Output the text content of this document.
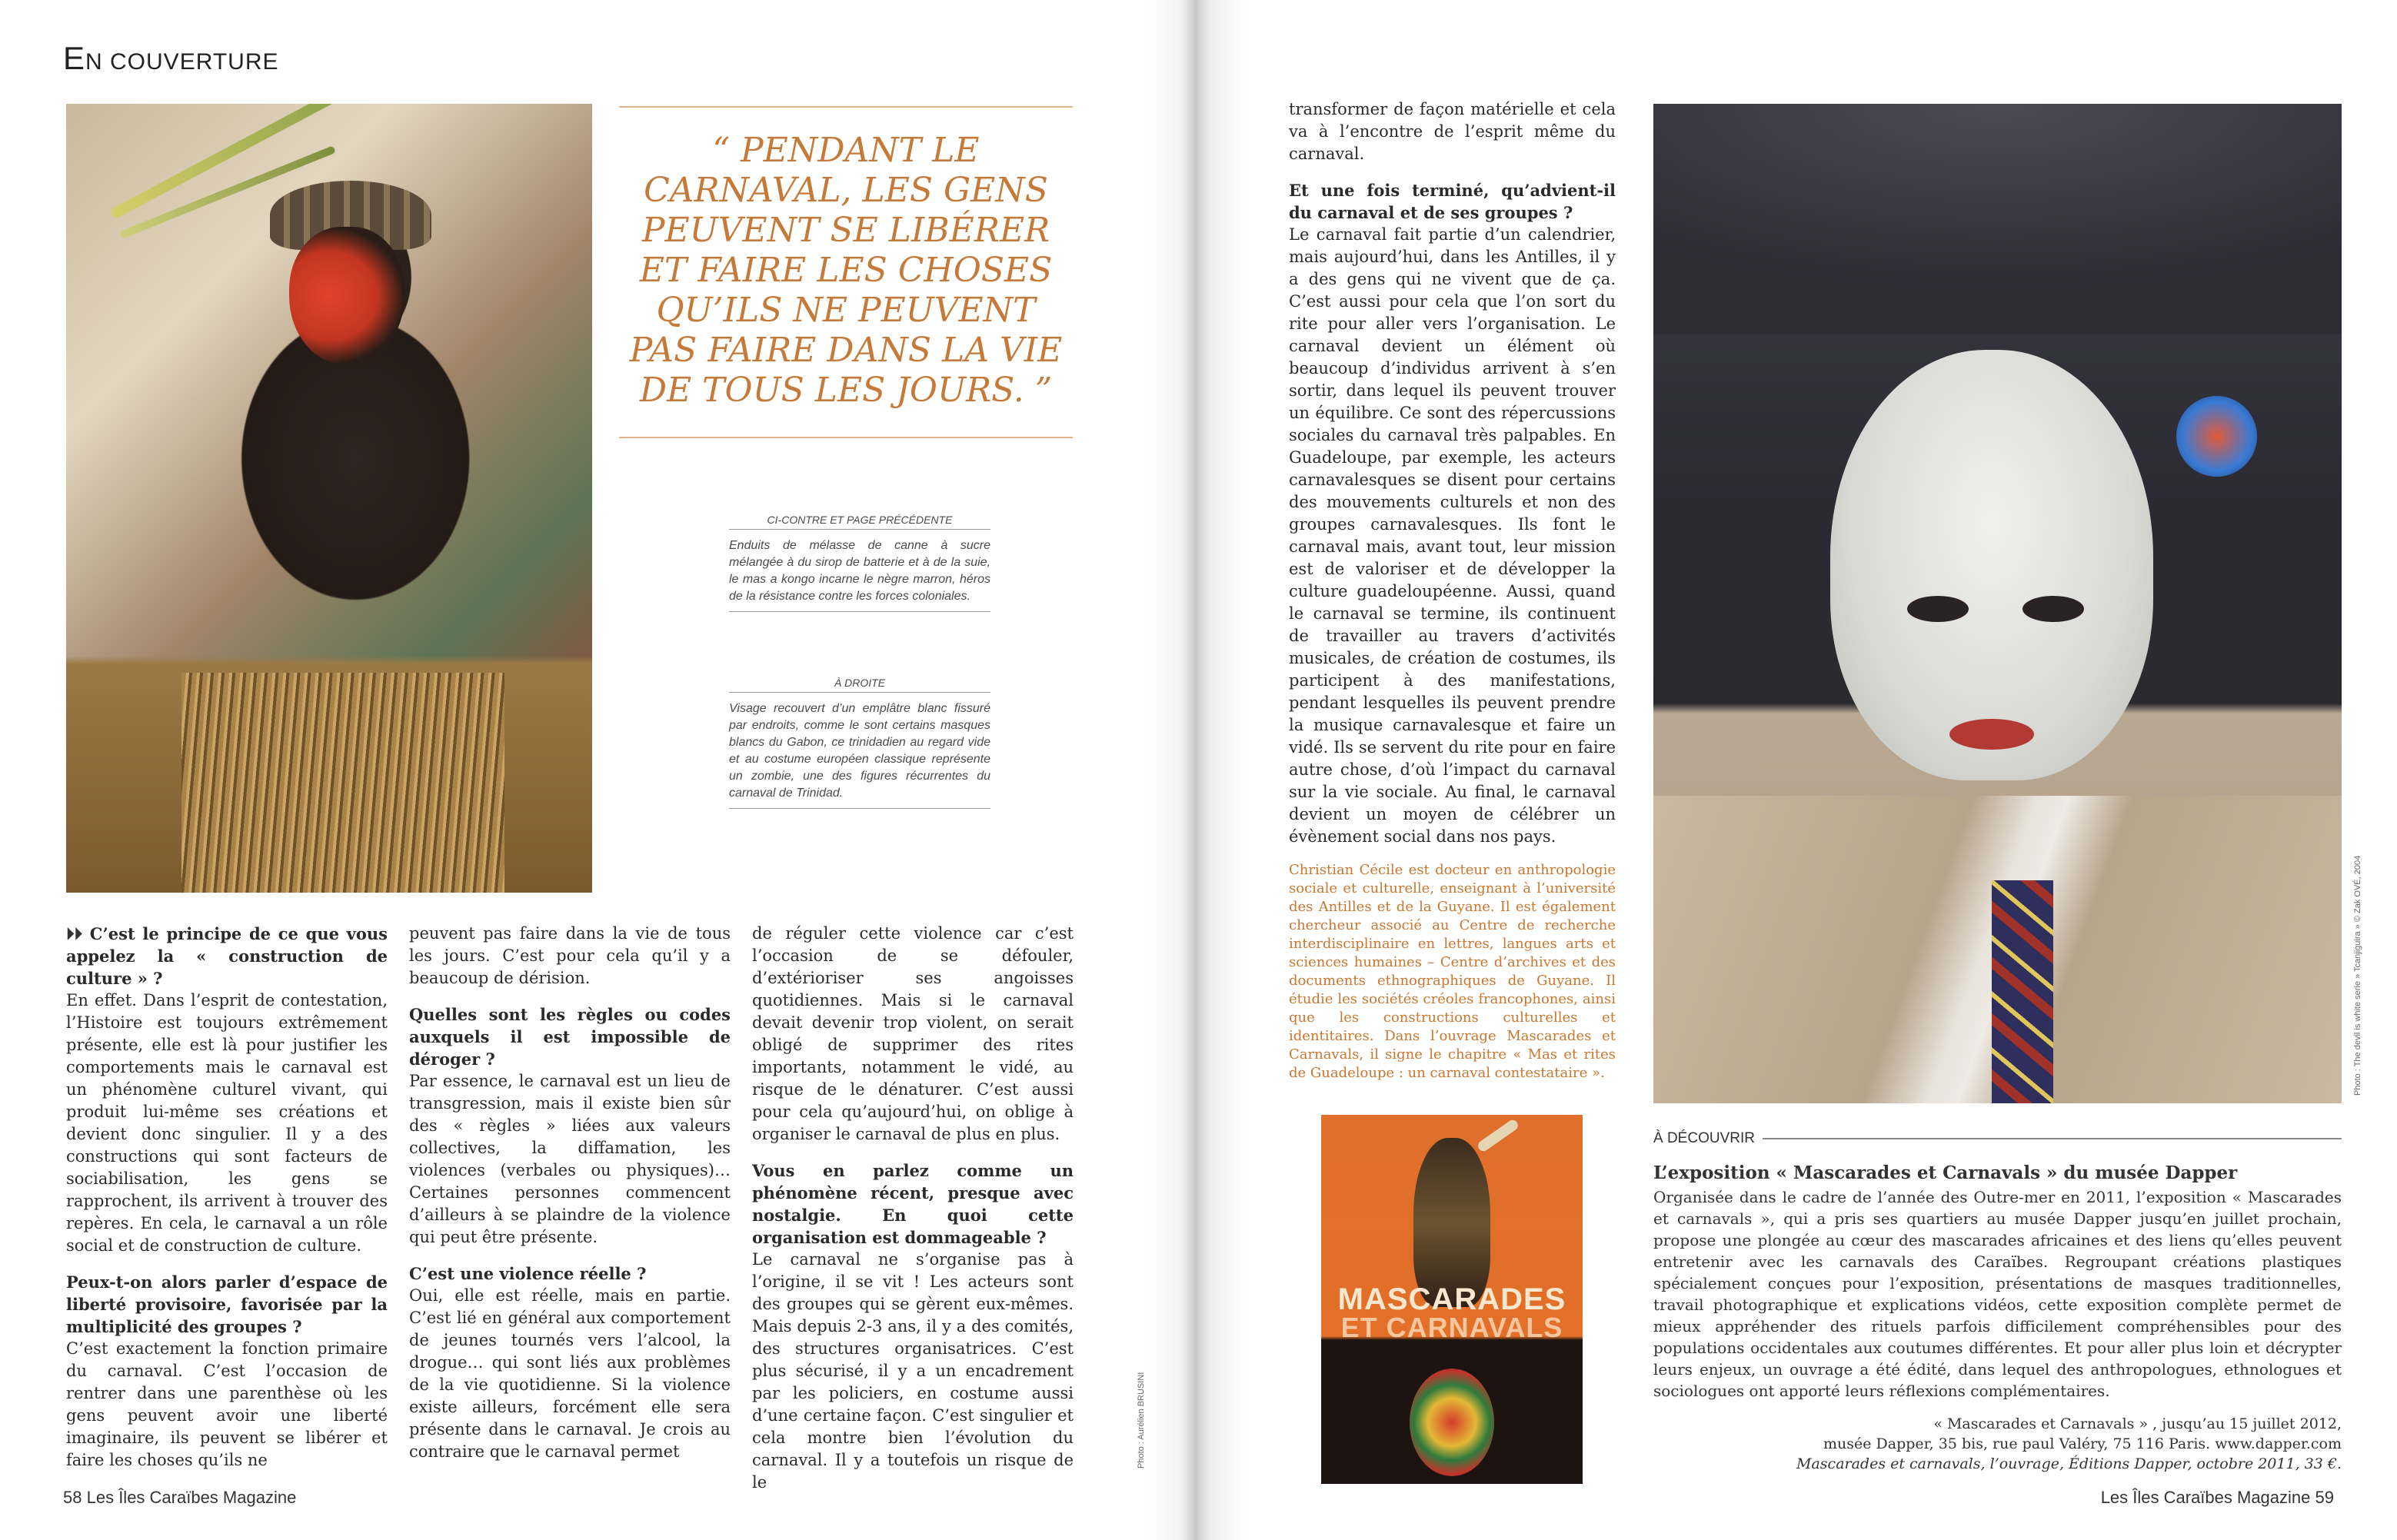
EN COUVERTURE
“ PENDANT LE CARNAVAL, LES GENS PEUVENT SE LIBÉRER ET FAIRE LES CHOSES QU’ILS NE PEUVENT PAS FAIRE DANS LA VIE DE TOUS LES JOURS. ”
CI-CONTRE ET PAGE PRÉCÉDENTE
Enduits de mélasse de canne à sucre mélangée à du sirop de batterie et à de la suie, le mas a kongo incarne le nègre marron, héros de la résistance contre les forces coloniales.
À DROITE
Visage recouvert d’un emplâtre blanc fissuré par endroits, comme le sont certains masques blancs du Gabon, ce trinidadien au regard vide et au costume européen classique représente un zombie, une des figures récurrentes du carnaval de Trinidad.

⏵⏵ C’est le principe de ce que vous appelez la « construction de culture » ?

En effet. Dans l’esprit de contestation, l’Histoire est toujours extrêmement présente, elle est là pour justifier les comportements mais le carnaval est un phénomène culturel vivant, qui produit lui-même ses créations et devient donc singulier. Il y a des constructions qui sont facteurs de sociabilisation, les gens se rapprochent, ils arrivent à trouver des repères. En cela, le carnaval a un rôle social et de construction de culture.

Peux-t-on alors parler d’espace de liberté provisoire, favorisée par la multiplicité des groupes ?

C’est exactement la fonction primaire du carnaval. C’est l’occasion de rentrer dans une parenthèse où les gens peuvent avoir une liberté imaginaire, ils peuvent se libérer et faire les choses qu’ils ne

peuvent pas faire dans la vie de tous les jours. C’est pour cela qu’il y a beaucoup de dérision.

Quelles sont les règles ou codes auxquels il est impossible de déroger ?

Par essence, le carnaval est un lieu de transgression, mais il existe bien sûr des « règles » liées aux valeurs collectives, la diffamation, les violences (verbales ou physiques)… Certaines personnes commencent d’ailleurs à se plaindre de la violence qui peut être présente.

C’est une violence réelle ?

Oui, elle est réelle, mais en partie. C’est lié en général aux comportement de jeunes tournés vers l’alcool, la drogue… qui sont liés aux problèmes de la vie quotidienne. Si la violence existe ailleurs, forcément elle sera présente dans le carnaval. Je crois au contraire que le carnaval permet

de réguler cette violence car c’est l’occasion de se défouler, d’extérioriser ses angoisses quotidiennes. Mais si le carnaval devait devenir trop violent, on serait obligé de supprimer des rites importants, notamment le vidé, au risque de le dénaturer. C’est aussi pour cela qu’aujourd’hui, on oblige à organiser le carnaval de plus en plus.

Vous en parlez comme un phénomène récent, presque avec nostalgie. En quoi cette organisation est dommageable ?

Le carnaval ne s’organise pas à l’origine, il se vit ! Les acteurs sont des groupes qui se gèrent eux-mêmes. Mais depuis 2-3 ans, il y a des comités, des structures organisatrices. C’est plus sécurisé, il y a un encadrement par les policiers, en costume aussi d’une certaine façon. C’est singulier et cela montre bien l’évolution du carnaval. Il y a toutefois un risque de le

Photo : Aurélien BRUSINI
58 Les Îles Caraïbes Magazine

transformer de façon matérielle et cela va à l’encontre de l’esprit même du carnaval.

Et une fois terminé, qu’advient-il du carnaval et de ses groupes ?

Le carnaval fait partie d’un calendrier, mais aujourd’hui, dans les Antilles, il y a des gens qui ne vivent que de ça. C’est aussi pour cela que l’on sort du rite pour aller vers l’organisation. Le carnaval devient un élément où beaucoup d’individus arrivent à s’en sortir, dans lequel ils peuvent trouver un équilibre. Ce sont des répercussions sociales du carnaval très palpables. En Guadeloupe, par exemple, les acteurs carnavalesques se disent pour certains des mouvements culturels et non des groupes carnavalesques. Ils font le carnaval mais, avant tout, leur mission est de valoriser et de développer la culture guadeloupéenne. Aussi, quand le carnaval se termine, ils continuent de travailler au travers d’activités musicales, de création de costumes, ils participent à des manifestations, pendant lesquelles ils peuvent prendre la musique carnavalesque et faire un vidé. Ils se servent du rite pour en faire autre chose, d’où l’impact du carnaval sur la vie sociale. Au final, le carnaval devient un moyen de célébrer un évènement social dans nos pays.

Christian Cécile est docteur en anthropologie sociale et culturelle, enseignant à l’université des Antilles et de la Guyane. Il est également chercheur associé au Centre de recherche interdisciplinaire en lettres, langues arts et sciences humaines – Centre d’archives et des documents ethnographiques de Guyane. Il étudie les sociétés créoles francophones, ainsi que les constructions culturelles et identitaires. Dans l’ouvrage Mascarades et Carnavals, il signe le chapitre « Mas et rites de Guadeloupe : un carnaval contestataire ».	Photo : The devil is white serie » Tcanjiguira » © Zak OVÉ, 2004
MASCARADES
ET CARNAVALS
À DÉCOUVRIR
L’exposition « Mascarades et Carnavals » du musée Dapper
Organisée dans le cadre de l’année des Outre-mer en 2011, l’exposition « Mascarades et carnavals », qui a pris ses quartiers au musée Dapper jusqu’en juillet prochain, propose une plongée au cœur des mascarades africaines et des liens qu’elles peuvent entretenir avec les carnavals des Caraïbes. Regroupant créations plastiques spécialement conçues pour l’exposition, présentations de masques traditionnelles, travail photographique et explications vidéos, cette exposition complète permet de mieux appréhender des rituels parfois difficilement compréhensibles pour des populations occidentales aux coutumes différentes. Et pour aller plus loin et décrypter leurs enjeux, un ouvrage a été édité, dans lequel des anthropologues, ethnologues et sociologues ont apporté leurs réflexions complémentaires.
« Mascarades et Carnavals » , jusqu’au 15 juillet 2012,
musée Dapper, 35 bis, rue paul Valéry, 75 116 Paris. www.dapper.com
Mascarades et carnavals, l’ouvrage, Éditions Dapper, octobre 2011, 33 €.
Les Îles Caraïbes Magazine 59
